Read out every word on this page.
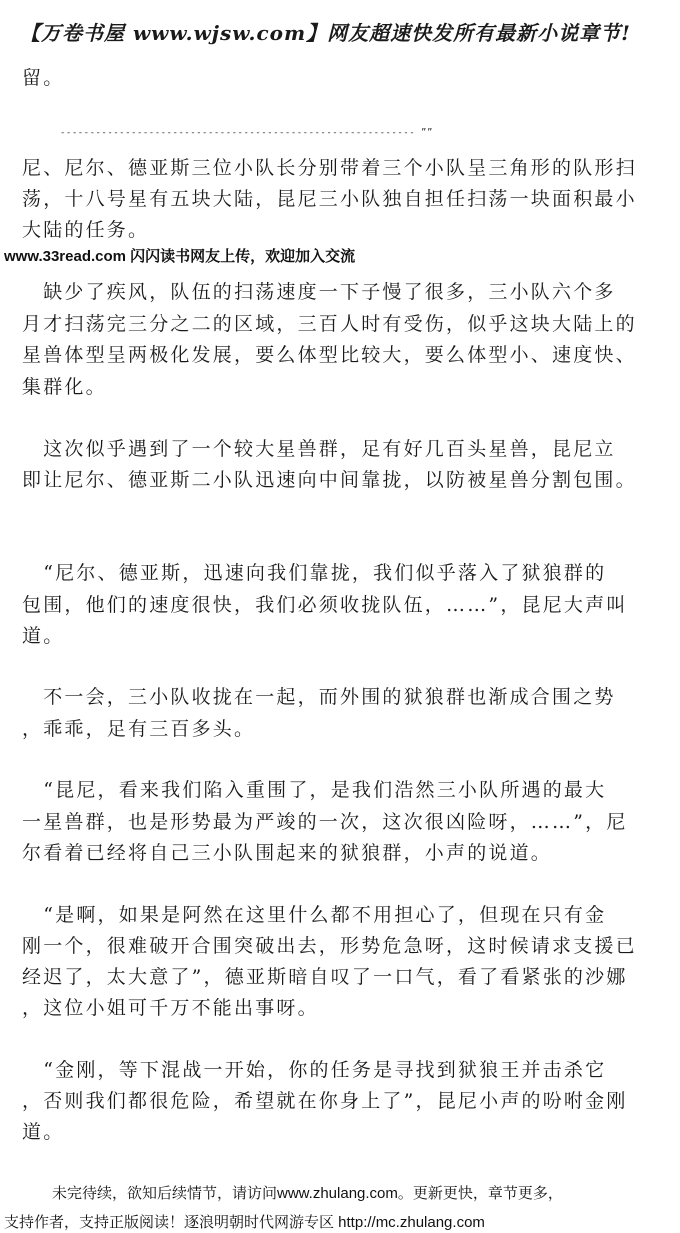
【万卷书屋 www.wjsw.com】网友超速快发所有最新小说章节!
留。
------------------------------------------------------------ ””
尼、尼尔、德亚斯三位小队长分别带着三个小队呈三角形的队形扫
荡，十八号星有五块大陆，昆尼三小队独自担任扫荡一块面积最小
大陆的任务。
www.33read.com 闪闪读书网友上传，欢迎加入交流
　缺少了疾风，队伍的扫荡速度一下子慢了很多，三小队六个多
月才扫荡完三分之二的区域，三百人时有受伤，似乎这块大陆上的
星兽体型呈两极化发展，要么体型比较大，要么体型小、速度快、
集群化。
　这次似乎遇到了一个较大星兽群，足有好几百头星兽，昆尼立
即让尼尔、德亚斯二小队迅速向中间靠拢，以防被星兽分割包围。
　“尼尔、德亚斯，迅速向我们靠拢，我们似乎落入了狱狼群的
包围，他们的速度很快，我们必须收拢队伍，……”，昆尼大声叫
道。
　不一会，三小队收拢在一起，而外围的狱狼群也渐成合围之势
，乖乖，足有三百多头。
　“昆尼，看来我们陷入重围了，是我们浩然三小队所遇的最大
一星兽群，也是形势最为严竣的一次，这次很凶险呀，……”，尼
尔看着已经将自己三小队围起来的狱狼群，小声的说道。
　“是啊，如果是阿然在这里什么都不用担心了，但现在只有金
刚一个，很难破开合围突破出去，形势危急呀，这时候请求支援已
经迟了，太大意了”，德亚斯暗自叹了一口气，看了看紧张的沙娜
，这位小姐可千万不能出事呀。
　“金刚，等下混战一开始，你的任务是寻找到狱狼王并击杀它
，否则我们都很危险，希望就在你身上了”，昆尼小声的吩咐金刚
道。
未完待续，欲知后续情节，请访问www.zhulang.com。更新更快，章节更多，
支持作者，支持正版阅读！逐浪明朝时代网游专区 http://mc.zhulang.com
